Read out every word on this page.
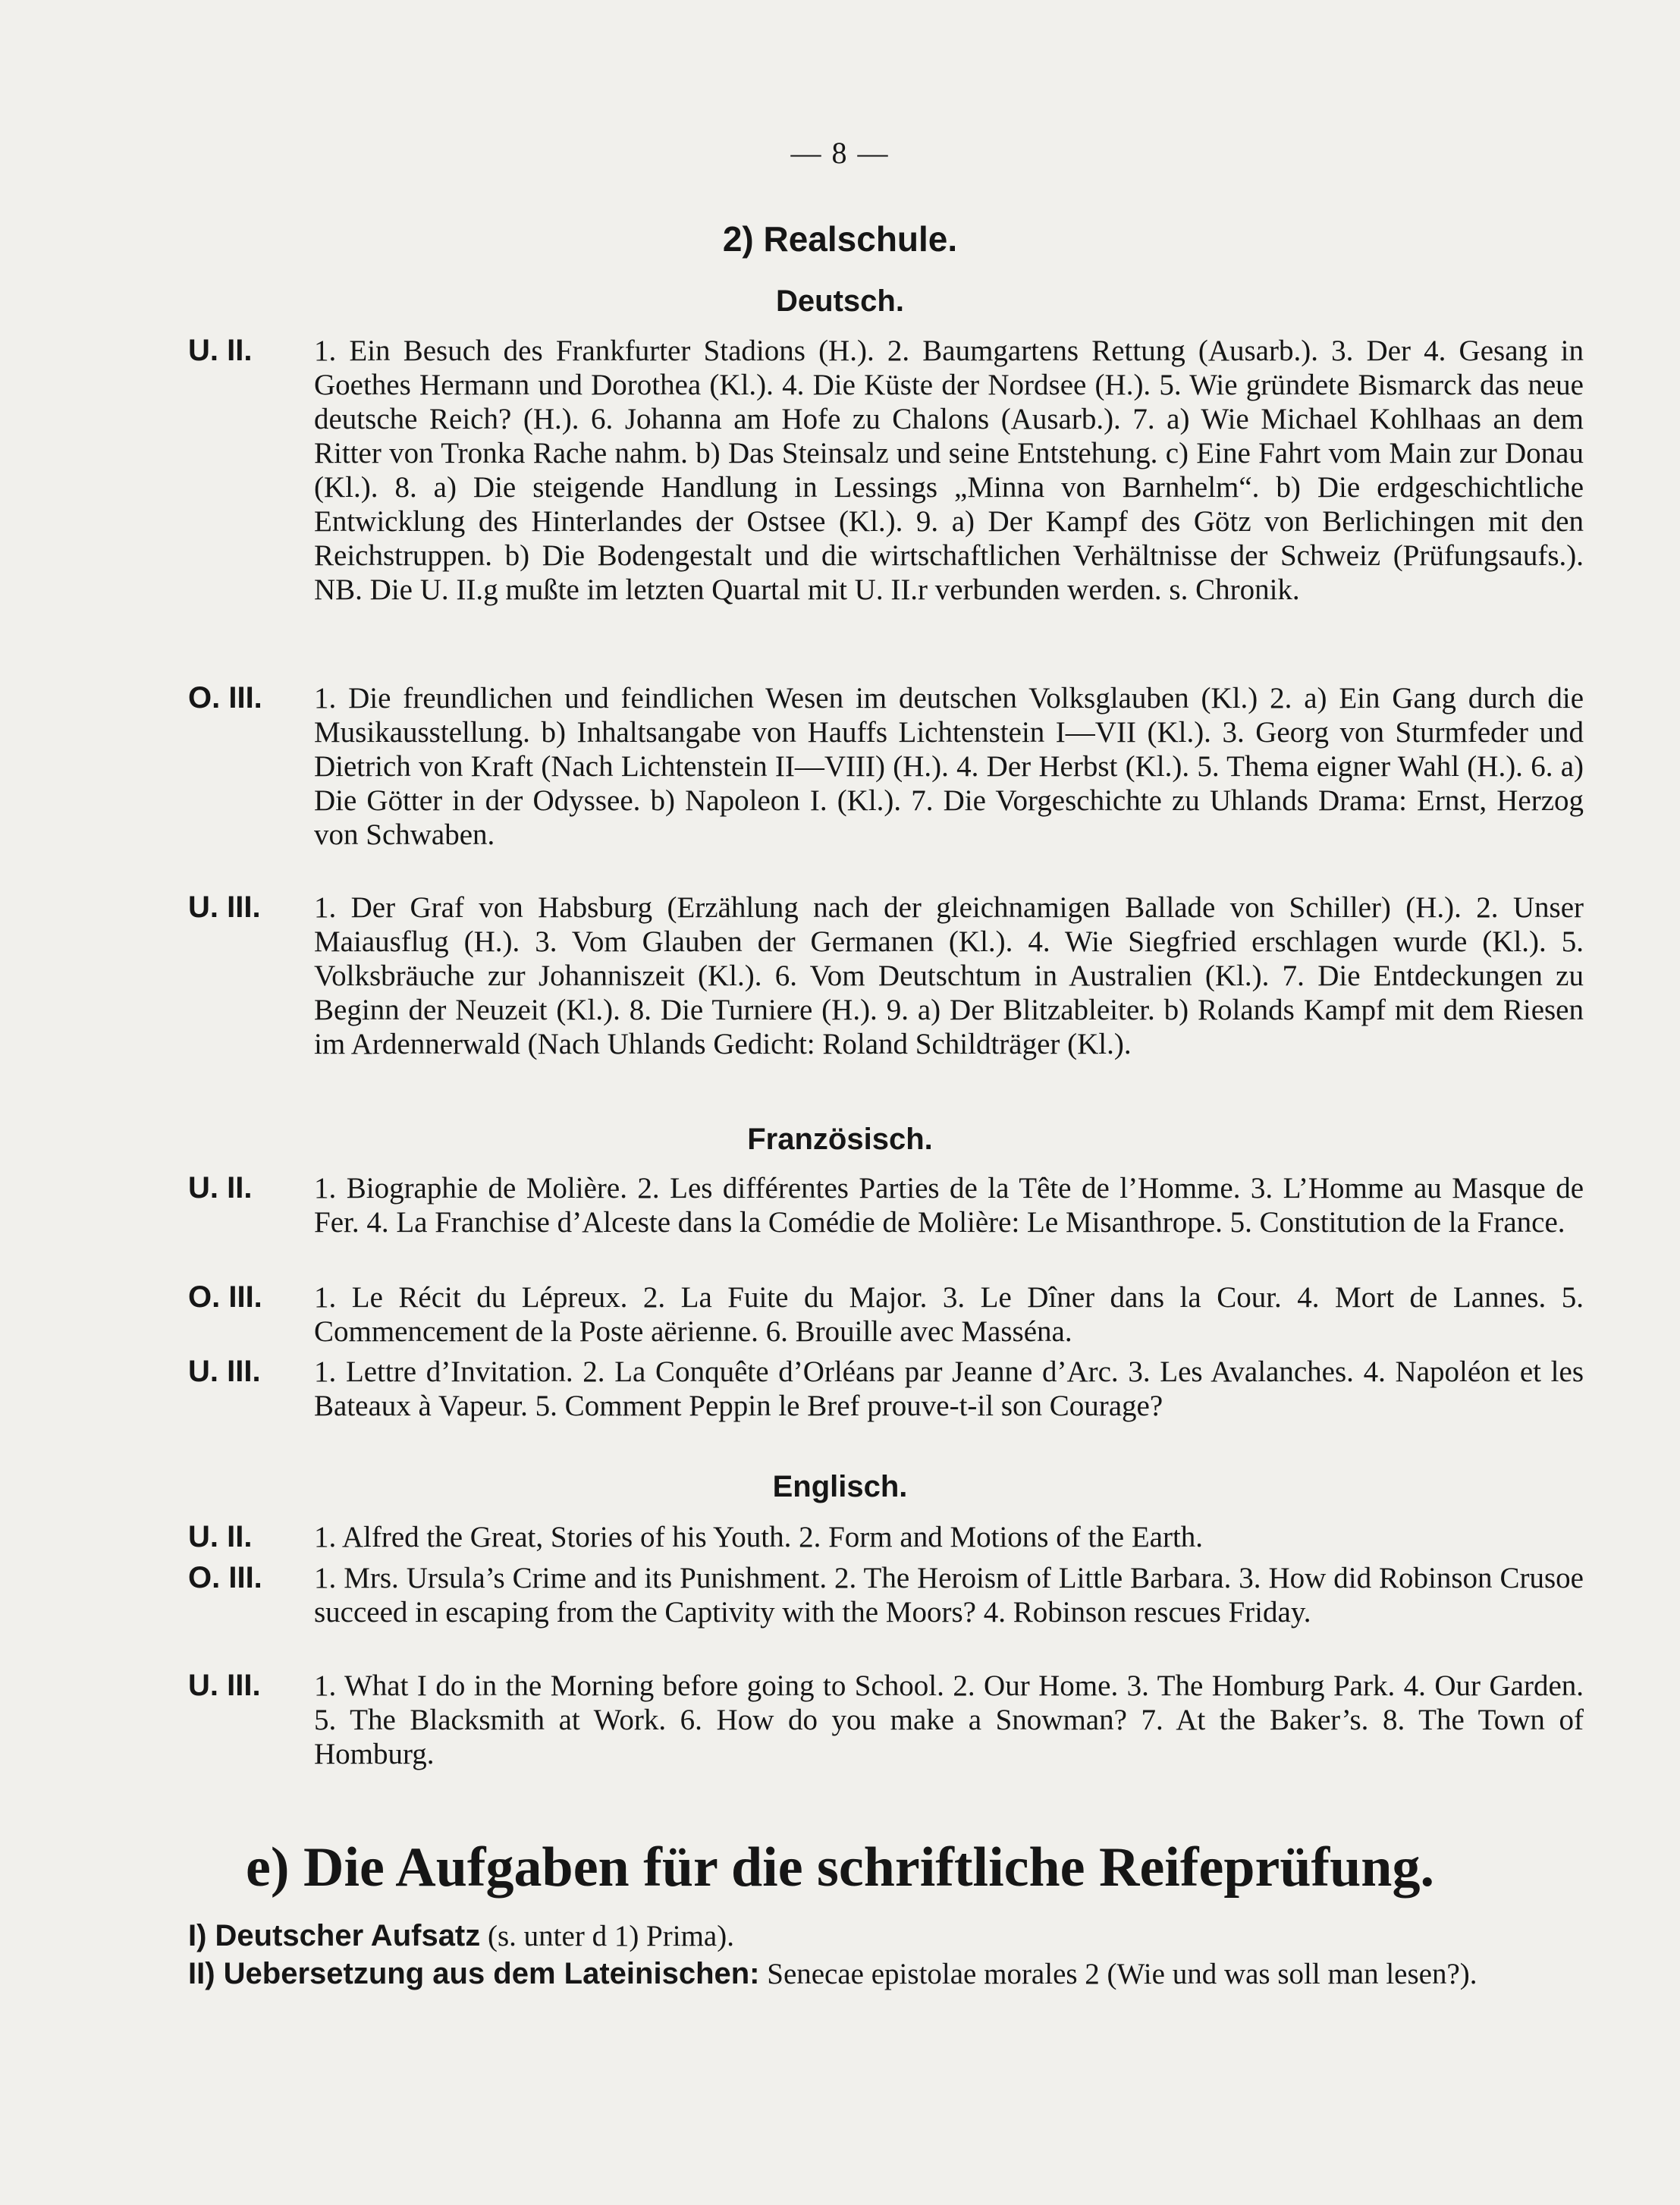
— 8 —
2) Realschule.
Deutsch.
U. II. 1. Ein Besuch des Frankfurter Stadions (H.). 2. Baumgartens Rettung (Ausarb.). 3. Der 4. Gesang in Goethes Hermann und Dorothea (Kl.). 4. Die Küste der Nordsee (H.). 5. Wie gründete Bismarck das neue deutsche Reich? (H.). 6. Johanna am Hofe zu Chalons (Ausarb.). 7. a) Wie Michael Kohlhaas an dem Ritter von Tronka Rache nahm. b) Das Steinsalz und seine Entstehung. c) Eine Fahrt vom Main zur Donau (Kl.). 8. a) Die steigende Handlung in Lessings „Minna von Barnhelm“. b) Die erdgeschichtliche Entwicklung des Hinterlandes der Ostsee (Kl.). 9. a) Der Kampf des Götz von Berlichingen mit den Reichstruppen. b) Die Bodengestalt und die wirtschaftlichen Verhältnisse der Schweiz (Prüfungsaufs.). NB. Die U. II.g mußte im letzten Quartal mit U. II.r verbunden werden. s. Chronik.
O. III. 1. Die freundlichen und feindlichen Wesen im deutschen Volksglauben (Kl.) 2. a) Ein Gang durch die Musikausstellung. b) Inhaltsangabe von Hauffs Lichtenstein I—VII (Kl.). 3. Georg von Sturmfeder und Dietrich von Kraft (Nach Lichtenstein II—VIII) (H.). 4. Der Herbst (Kl.). 5. Thema eigner Wahl (H.). 6. a) Die Götter in der Odyssee. b) Napoleon I. (Kl.). 7. Die Vorgeschichte zu Uhlands Drama: Ernst, Herzog von Schwaben.
U. III. 1. Der Graf von Habsburg (Erzählung nach der gleichnamigen Ballade von Schiller) (H.). 2. Unser Maiausflug (H.). 3. Vom Glauben der Germanen (Kl.). 4. Wie Siegfried erschlagen wurde (Kl.). 5. Volksbräuche zur Johanniszeit (Kl.). 6. Vom Deutschtum in Australien (Kl.). 7. Die Entdeckungen zu Beginn der Neuzeit (Kl.). 8. Die Turniere (H.). 9. a) Der Blitzableiter. b) Rolands Kampf mit dem Riesen im Ardennerwald (Nach Uhlands Gedicht: Roland Schildträger (Kl.).
Französisch.
U. II. 1. Biographie de Molière. 2. Les différentes Parties de la Tête de l’Homme. 3. L’Homme au Masque de Fer. 4. La Franchise d’Alceste dans la Comédie de Molière: Le Misanthrope. 5. Constitution de la France.
O. III. 1. Le Récit du Lépreux. 2. La Fuite du Major. 3. Le Dîner dans la Cour. 4. Mort de Lannes. 5. Commencement de la Poste aërienne. 6. Brouille avec Masséna.
U. III. 1. Lettre d’Invitation. 2. La Conquête d’Orléans par Jeanne d’Arc. 3. Les Avalanches. 4. Napoléon et les Bateaux à Vapeur. 5. Comment Peppin le Bref prouve-t-il son Courage?
Englisch.
U. II. 1. Alfred the Great, Stories of his Youth. 2. Form and Motions of the Earth.
O. III. 1. Mrs. Ursula’s Crime and its Punishment. 2. The Heroism of Little Barbara. 3. How did Robinson Crusoe succeed in escaping from the Captivity with the Moors? 4. Robinson rescues Friday.
U. III. 1. What I do in the Morning before going to School. 2. Our Home. 3. The Homburg Park. 4. Our Garden. 5. The Blacksmith at Work. 6. How do you make a Snowman? 7. At the Baker’s. 8. The Town of Homburg.
e) Die Aufgaben für die schriftliche Reifeprüfung.
I) Deutscher Aufsatz (s. unter d 1) Prima).
II) Uebersetzung aus dem Lateinischen: Senecae epistolae morales 2 (Wie und was soll man lesen?).
